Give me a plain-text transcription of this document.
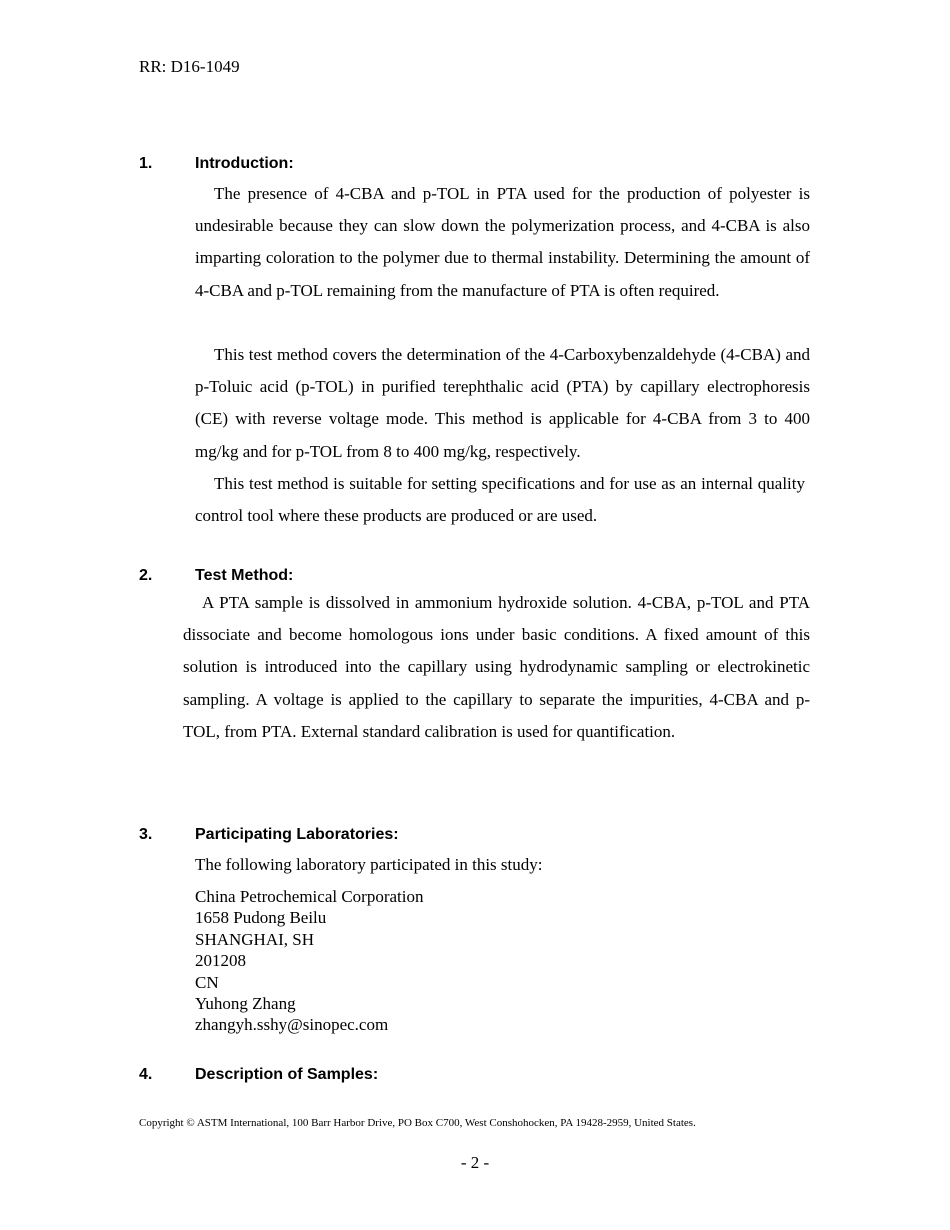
RR: D16-1049
1.	Introduction:
The presence of 4-CBA and p-TOL in PTA used for the production of polyester is undesirable because they can slow down the polymerization process, and 4-CBA is also imparting coloration to the polymer due to thermal instability. Determining the amount of 4-CBA and p-TOL remaining from the manufacture of PTA is often required.
This test method covers the determination of the 4-Carboxybenzaldehyde (4-CBA) and p-Toluic acid (p-TOL) in purified terephthalic acid (PTA) by capillary electrophoresis (CE) with reverse voltage mode. This method is applicable for 4-CBA from 3 to 400 mg/kg and for p-TOL from 8 to 400 mg/kg, respectively.
This test method is suitable for setting specifications and for use as an internal quality control tool where these products are produced or are used.
2.	Test Method:
A PTA sample is dissolved in ammonium hydroxide solution. 4-CBA, p-TOL and PTA dissociate and become homologous ions under basic conditions. A fixed amount of this solution is introduced into the capillary using hydrodynamic sampling or electrokinetic sampling. A voltage is applied to the capillary to separate the impurities, 4-CBA and p-TOL, from PTA. External standard calibration is used for quantification.
3.	Participating Laboratories:
The following laboratory participated in this study:
China Petrochemical Corporation
1658 Pudong Beilu
SHANGHAI, SH
201208
CN
Yuhong Zhang
zhangyh.sshy@sinopec.com
4.	Description of Samples:
Copyright © ASTM International, 100 Barr Harbor Drive, PO Box C700, West Conshohocken, PA 19428-2959, United States.
- 2 -
